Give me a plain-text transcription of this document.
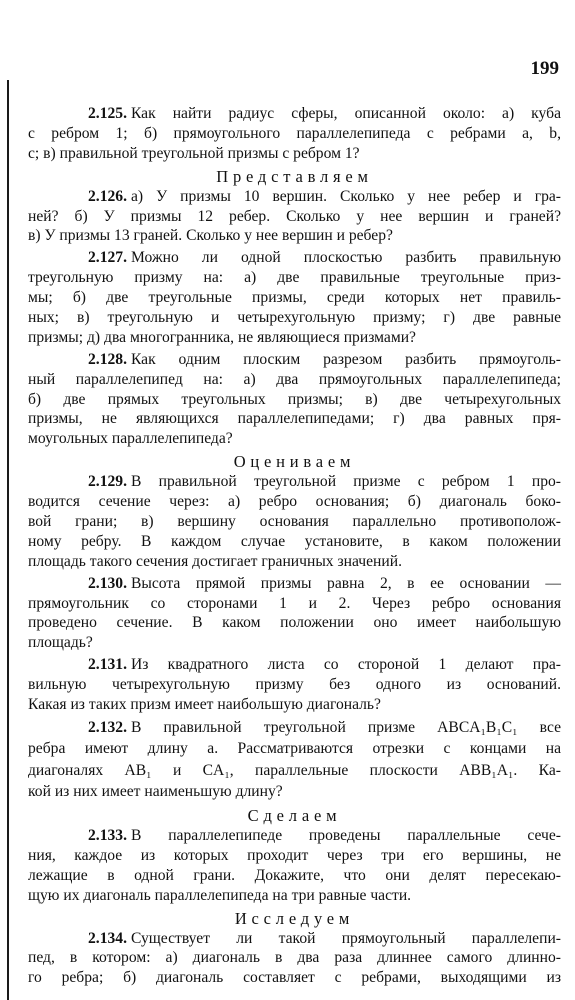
199
2.125. Как найти радиус сферы, описанной около: а) куба
с ребром 1; б) прямоугольного параллелепипеда с ребрами a, b,
c; в) правильной треугольной призмы с ребром 1?
Представляем
2.126. а) У призмы 10 вершин. Сколько у нее ребер и гра-
ней? б) У призмы 12 ребер. Сколько у нее вершин и граней?
в) У призмы 13 граней. Сколько у нее вершин и ребер?
2.127. Можно ли одной плоскостью разбить правильную
треугольную призму на: а) две правильные треугольные приз-
мы; б) две треугольные призмы, среди которых нет правиль-
ных; в) треугольную и четырехугольную призму; г) две равные
призмы; д) два многогранника, не являющиеся призмами?
2.128. Как одним плоским разрезом разбить прямоуголь-
ный параллелепипед на: а) два прямоугольных параллелепипеда;
б) две прямых треугольных призмы; в) две четырехугольных
призмы, не являющихся параллелепипедами; г) два равных пря-
моугольных параллелепипеда?
Оцениваем
2.129. В правильной треугольной призме с ребром 1 про-
водится сечение через: а) ребро основания; б) диагональ боко-
вой грани; в) вершину основания параллельно противополож-
ному ребру. В каждом случае установите, в каком положении
площадь такого сечения достигает граничных значений.
2.130. Высота прямой призмы равна 2, в ее основании —
прямоугольник со сторонами 1 и 2. Через ребро основания
проведено сечение. В каком положении оно имеет наибольшую
площадь?
2.131. Из квадратного листа со стороной 1 делают пра-
вильную четырехугольную призму без одного из оснований.
Какая из таких призм имеет наибольшую диагональ?
2.132. В правильной треугольной призме ABCA₁B₁C₁ все
ребра имеют длину a. Рассматриваются отрезки с концами на
диагоналях AB₁ и CA₁, параллельные плоскости ABB₁A₁. Ка-
кой из них имеет наименьшую длину?
Сделаем
2.133. В параллелепипеде проведены параллельные сече-
ния, каждое из которых проходит через три его вершины, не
лежащие в одной грани. Докажите, что они делят пересекаю-
щую их диагональ параллелепипеда на три равные части.
Исследуем
2.134. Существует ли такой прямоугольный параллелепи-
пед, в котором: а) диагональ в два раза длиннее самого длинно-
го ребра; б) диагональ составляет с ребрами, выходящими из
